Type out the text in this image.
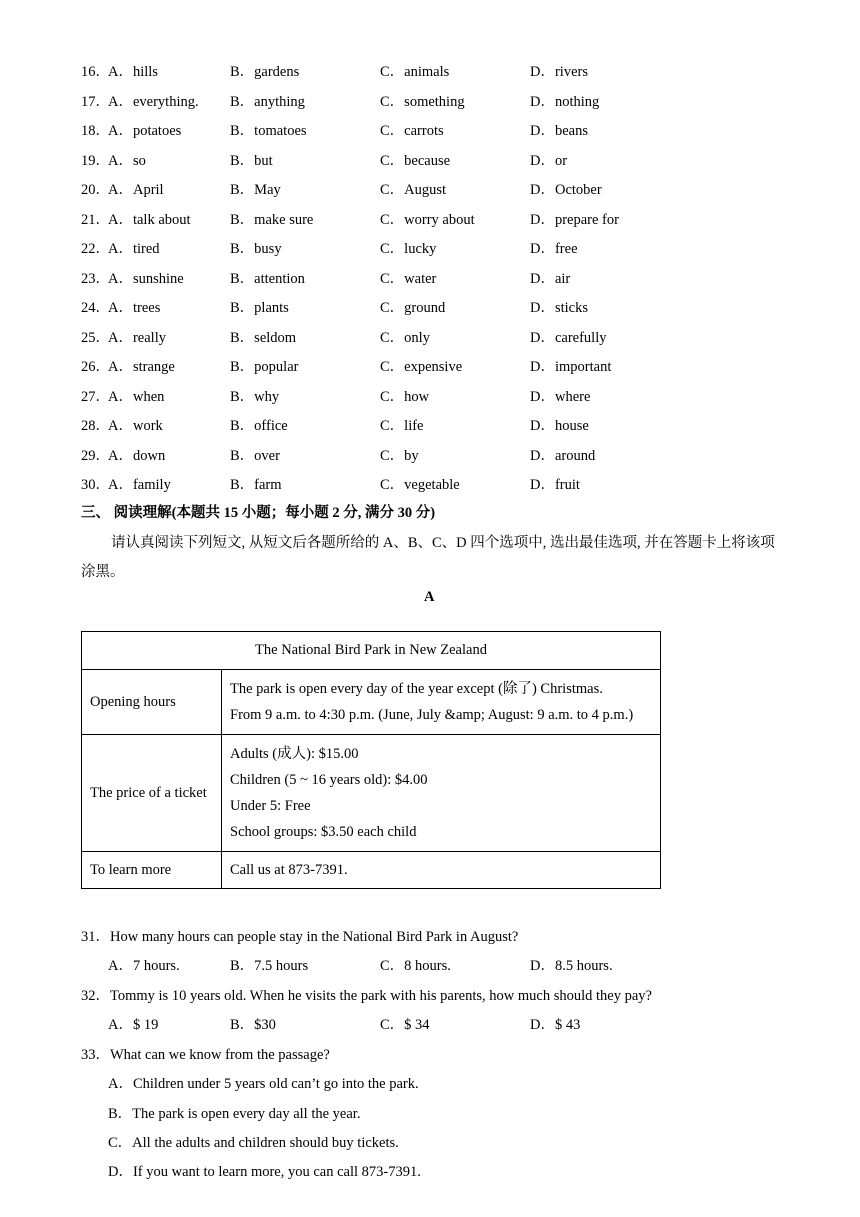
16．
A．hills	B．gardens	C．animals	D．rivers
17．
A．everything. B．anything	C．something	D．nothing
18．
A．potatoes	B．tomatoes	C．carrots	D．beans
19．
A．so	B．but	C．because	D．or
20．
A．April	B．May	C．August	D．October
21．
A．talk about	B．make sure	C．worry about	D．prepare for
22．
A．tired	B．busy	C．lucky	D．free
23．
A．sunshine	B．attention	C．water	D．air
24．
A．trees	B．plants	C．ground	D．sticks
25．
A．really	B．seldom	C．only	D．carefully
26．
A．strange	B．popular	C．expensive	D．important
27．
A．when	B．why	C．how	D．where
28．
A．work	B．office	C．life	D．house
29．
A．down	B．over	C．by	D．around
30．
A．family	B．farm	C．vegetable	D．fruit
三、 阅读理解(本题共 15 小题；每小题 2 分, 满分 30 分)
请认真阅读下列短文, 从短文后各题所给的 A、B、C、D 四个选项中, 选出最佳选项, 并在答题卡上将该项涂黑。
A
The National Bird Park in New Zealand	
Opening hours	The park is open every day of the year except (除了) Christmas.
From 9 a.m. to 4:30 p.m. (June, July &amp; August: 9 a.m. to 4 p.m.)

The price of a ticket	Adults (成人): $15.00
Children (5 ~ 16 years old): $4.00
Under 5: Free
School groups: $3.50 each child

To learn more	Call us at 873-7391.
31．How many hours can people stay in the National Bird Park in August?
A．7 hours.	B．7.5 hours	C．8 hours.	D．8.5 hours.
32．Tommy is 10 years old. When he visits the park with his parents, how much should they pay?
A．$ 19	B．$30	C．$ 34	D．$ 43
33．What can we know from the passage?
A．Children under 5 years old can’t go into the park.
B．The park is open every day all the year.
C．All the adults and children should buy tickets.
D．If you want to learn more, you can call 873-7391.
